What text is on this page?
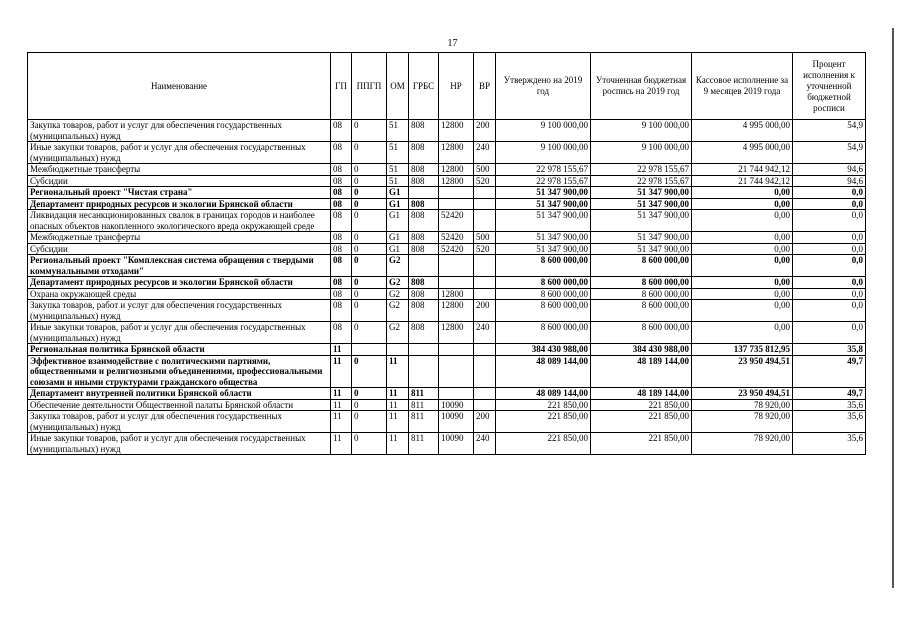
17
Наименование	ГП	ППГП	ОМ	ГРБС	НР	ВР	Утверждено на 2019 год	Уточненная бюджетная роспись на 2019 год	Кассовое исполнение за 9 месяцев 2019 года	Процент исполнения к уточненной бюджетной росписи
Закупка товаров, работ и услуг для обеспечения государственных (муниципальных) нужд	08	0	51	808	12800	200	9 100 000,00	9 100 000,00	4 995 000,00	54,9
Иные закупки товаров, работ и услуг для обеспечения государственных (муниципальных) нужд	08	0	51	808	12800	240	9 100 000,00	9 100 000,00	4 995 000,00	54,9
Межбюджетные трансферты	08	0	51	808	12800	500	22 978 155,67	22 978 155,67	21 744 942,12	94,6
Субсидии	08	0	51	808	12800	520	22 978 155,67	22 978 155,67	21 744 942,12	94,6
Региональный проект "Чистая страна"	08	0	G1				51 347 900,00	51 347 900,00	0,00	0,0
Департамент природных ресурсов и экологии Брянской области	08	0	G1	808			51 347 900,00	51 347 900,00	0,00	0,0
Ликвидация несанкционированных свалок в границах городов и наиболее опасных объектов накопленного экологического вреда окружающей среде	08	0	G1	808	52420		51 347 900,00	51 347 900,00	0,00	0,0
Межбюджетные трансферты	08	0	G1	808	52420	500	51 347 900,00	51 347 900,00	0,00	0,0
Субсидии	08	0	G1	808	52420	520	51 347 900,00	51 347 900,00	0,00	0,0
Региональный проект "Комплексная система обращения с твердыми коммунальными отходами"	08	0	G2				8 600 000,00	8 600 000,00	0,00	0,0
Департамент природных ресурсов и экологии Брянской области	08	0	G2	808			8 600 000,00	8 600 000,00	0,00	0,0
Охрана окружающей среды	08	0	G2	808	12800		8 600 000,00	8 600 000,00	0,00	0,0
Закупка товаров, работ и услуг для обеспечения государственных (муниципальных) нужд	08	0	G2	808	12800	200	8 600 000,00	8 600 000,00	0,00	0,0
Иные закупки товаров, работ и услуг для обеспечения государственных (муниципальных) нужд	08	0	G2	808	12800	240	8 600 000,00	8 600 000,00	0,00	0,0
Региональная политика Брянской области	11						384 430 988,00	384 430 988,00	137 735 812,95	35,8
Эффективное взаимодействие с политическими партиями, общественными и религиозными объединениями, профессиональными союзами и иными структурами гражданского общества	11	0	11				48 089 144,00	48 189 144,00	23 950 494,51	49,7
Департамент внутренней политики Брянской области	11	0	11	811			48 089 144,00	48 189 144,00	23 950 494,51	49,7
Обеспечение деятельности Общественной палаты Брянской области	11	0	11	811	10090		221 850,00	221 850,00	78 920,00	35,6
Закупка товаров, работ и услуг для обеспечения государственных (муниципальных) нужд	11	0	11	811	10090	200	221 850,00	221 850,00	78 920,00	35,6
Иные закупки товаров, работ и услуг для обеспечения государственных (муниципальных) нужд	11	0	11	811	10090	240	221 850,00	221 850,00	78 920,00	35,6
